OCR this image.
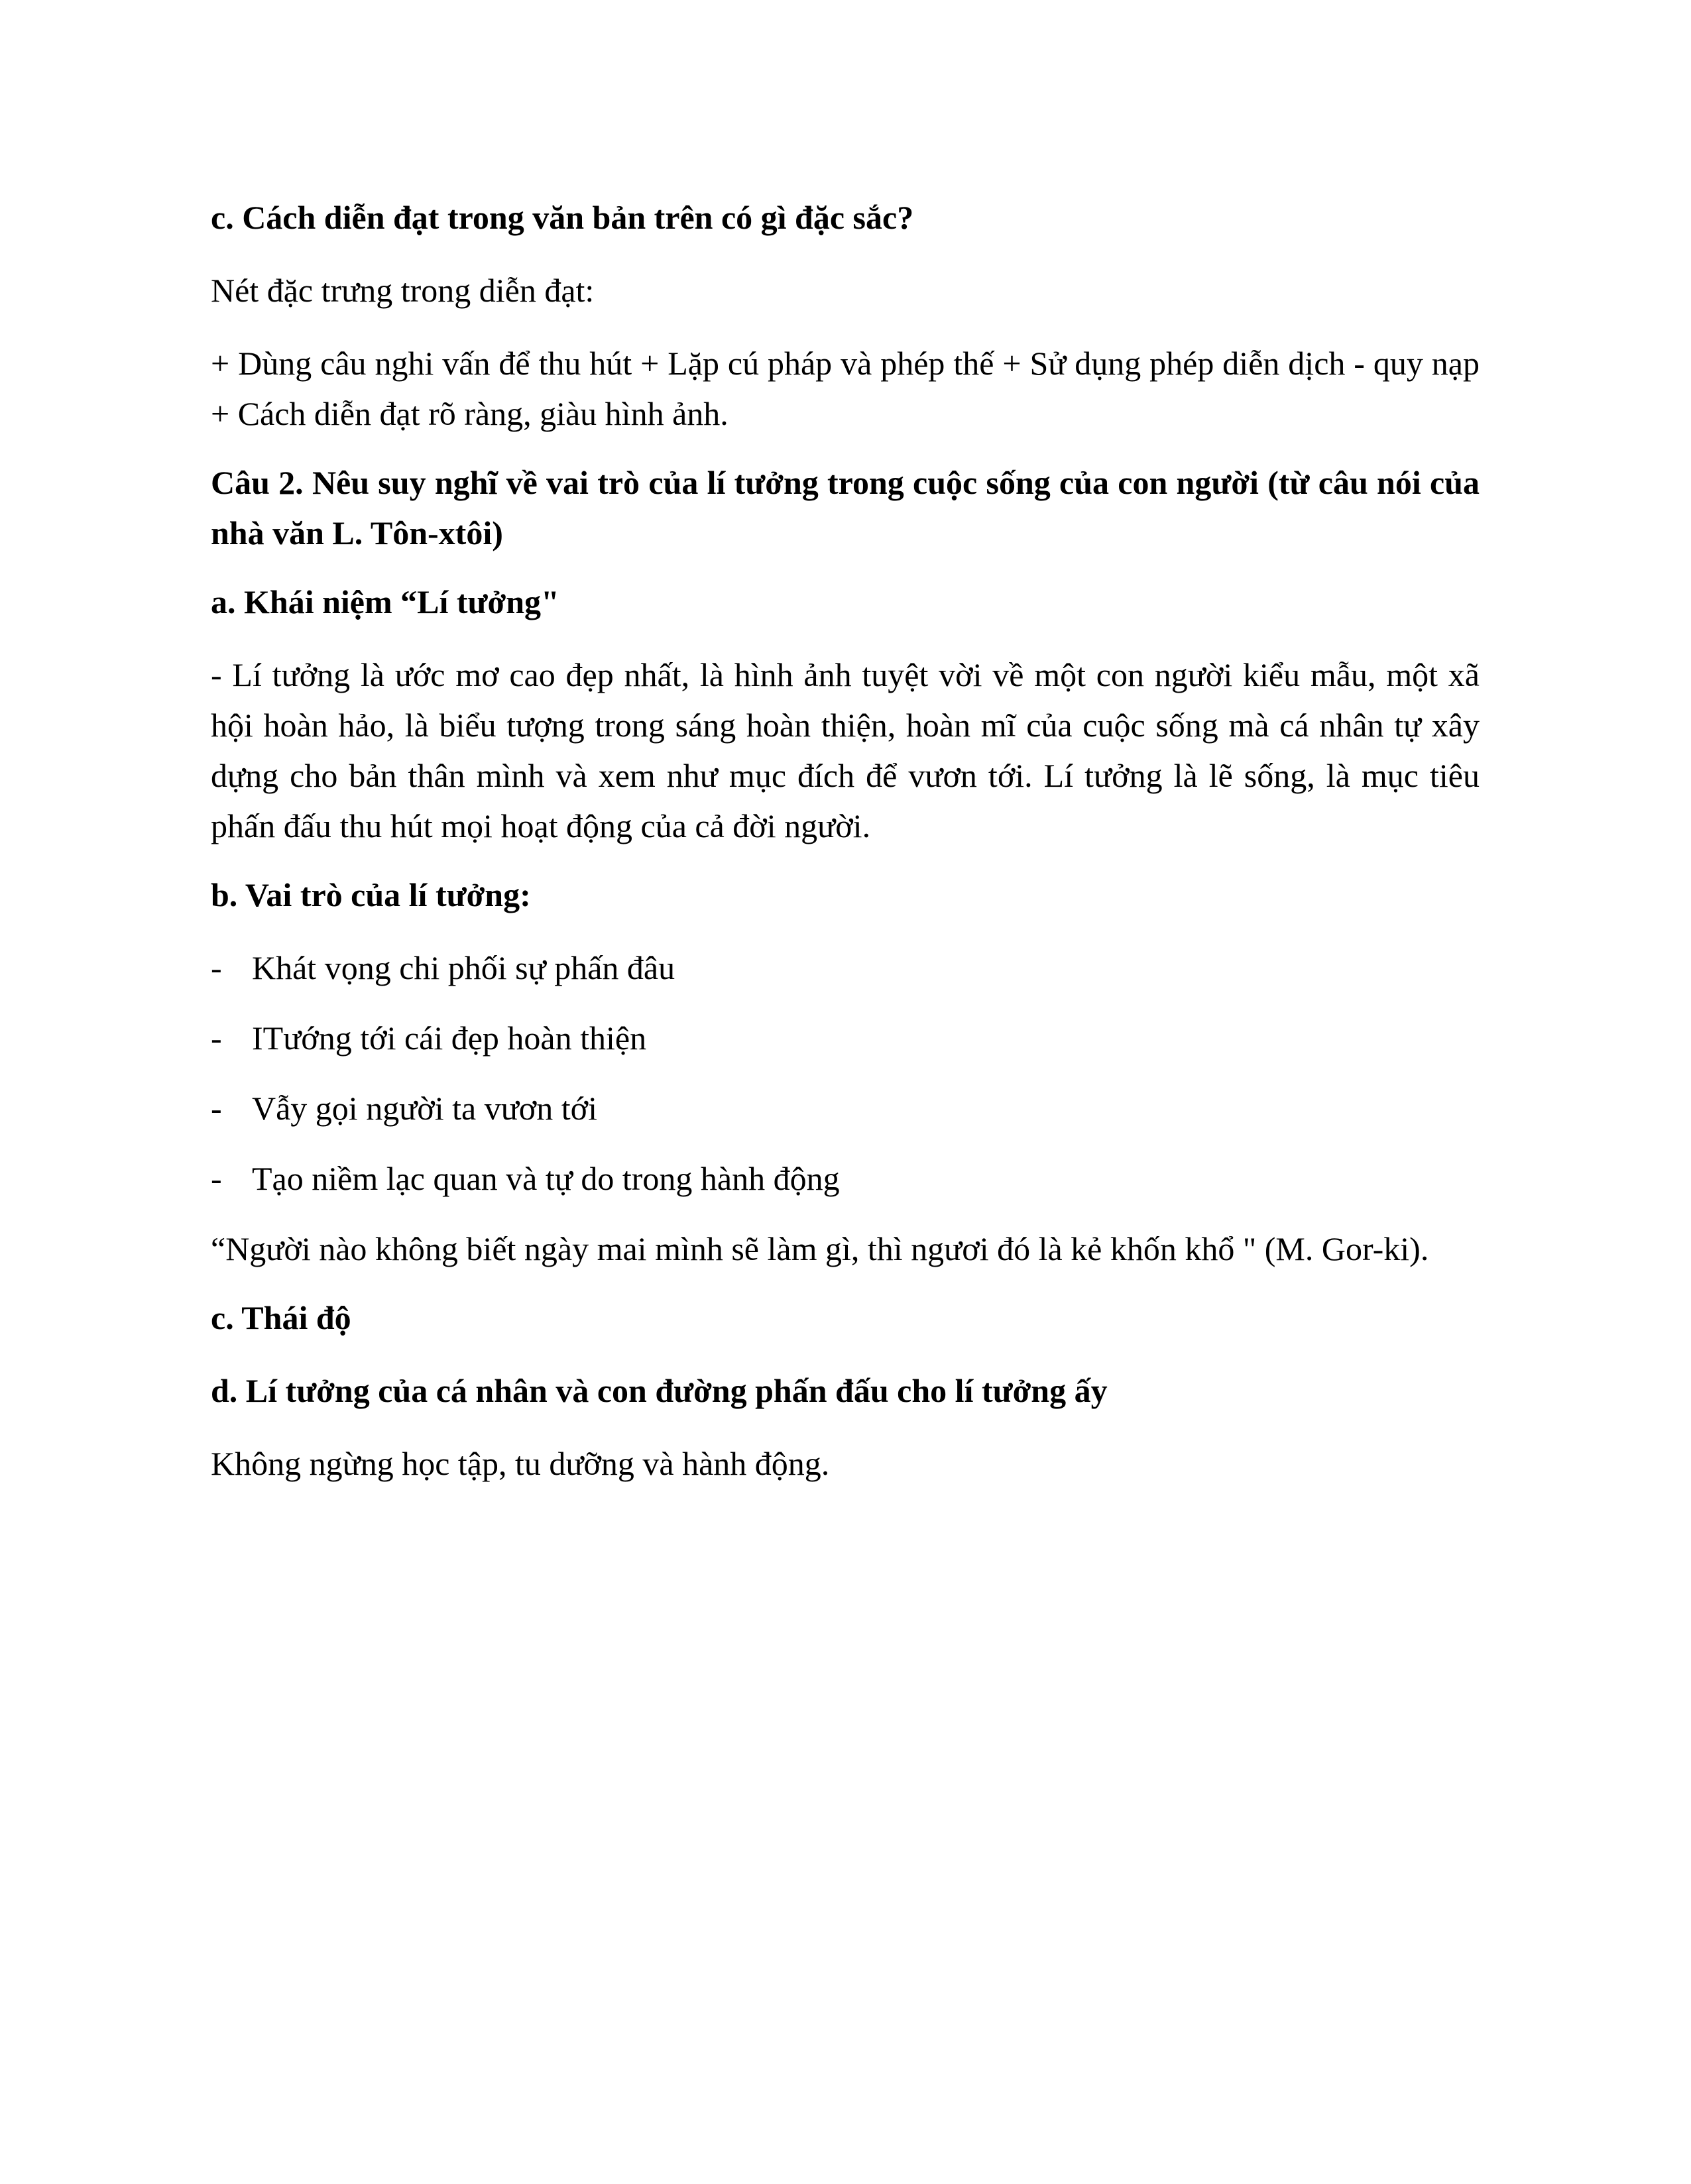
c. Cách diễn đạt trong văn bản trên có gì đặc sắc?

Nét đặc trưng trong diễn đạt:

+ Dùng câu nghi vấn để thu hút + Lặp cú pháp và phép thế + Sử dụng phép diễn dịch - quy nạp + Cách diễn đạt rõ ràng, giàu hình ảnh.

Câu 2. Nêu suy nghĩ về vai trò của lí tưởng trong cuộc sống của con người (từ câu nói của nhà văn L. Tôn-xtôi)

a. Khái niệm “Lí tưởng"

- Lí tưởng là ước mơ cao đẹp nhất, là hình ảnh tuyệt vời về một con người kiểu mẫu, một xã hội hoàn hảo, là biểu tượng trong sáng hoàn thiện, hoàn mĩ của cuộc sống mà cá nhân tự xây dựng cho bản thân mình và xem như mục đích để vươn tới. Lí tưởng là lẽ sống, là mục tiêu phấn đấu thu hút mọi hoạt động của cả đời người.

b. Vai trò của lí tưởng:

- Khát vọng chi phối sự phấn đâu
- ITướng tới cái đẹp hoàn thiện
- Vẫy gọi người ta vươn tới
- Tạo niềm lạc quan và tự do trong hành động

“Người nào không biết ngày mai mình sẽ làm gì, thì ngươi đó là kẻ khốn khổ " (M. Gor-ki).

c. Thái độ

d. Lí tưởng của cá nhân và con đường phấn đấu cho lí tưởng ấy

Không ngừng học tập, tu dưỡng và hành động.
